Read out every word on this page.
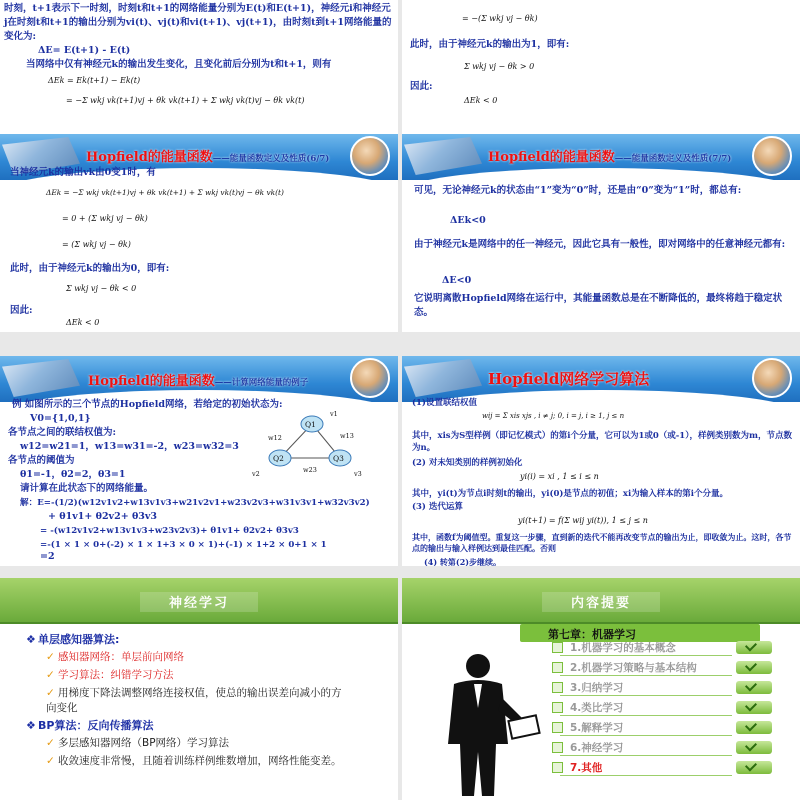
时刻，t+1表示下一时刻，时刻t和t+1的网络能量分别为E(t)和E(t+1)，神经元i和神经元j在时刻t和t+1的输出分别为vi(t)、vj(t)和vi(t+1)、vj(t+1)，由时刻t到t+1网络能量的变化为:
ΔE= E(t+1) - E(t)
当网络中仅有神经元k的输出发生变化，且变化前后分别为t和t+1，则有
ΔEk = Ek(t+1) − Ek(t)
= −Σ wkj vk(t+1)vj + θk vk(t+1) + Σ wkj vk(t)vj − θk vk(t)
= −(Σ wkj vj − θk)
此时，由于神经元k的输出为1，即有:
Σ wkj vj − θk > 0
因此:
ΔEk < 0
Hopfield的能量函数——能量函数定义及性质(6/7)
当神经元k的输出vk由0变1时，有
ΔEk = −Σ wkj vk(t+1)vj + θk vk(t+1) + Σ wkj vk(t)vj − θk vk(t)
= 0 + (Σ wkj vj − θk)
= (Σ wkj vj − θk)
此时，由于神经元k的输出为0，即有:
Σ wkj vj − θk < 0
因此:
ΔEk < 0
Hopfield的能量函数——能量函数定义及性质(7/7)
可见，无论神经元k的状态由“1”变为“0”时，还是由“0”变为“1”时，都总有:
ΔEk<0
由于神经元k是网络中的任一神经元，因此它具有一般性，即对网络中的任意神经元都有:
ΔE<0
它说明离散Hopfield网络在运行中，其能量函数总是在不断降低的，最终将趋于稳定状态。
Hopfield的能量函数——计算网络能量的例子
例 如图所示的三个节点的Hopfield网络，若给定的初始状态为:
V0={1,0,1}
各节点之间的联结权值为:
w12=w21=1，w13=w31=-2，w23=w32=3
各节点的阈值为
θ1=-1，θ2=2，θ3=1
请计算在此状态下的网络能量。
解：E=-(1/2)(w12v1v2+w13v1v3+w21v2v1+w23v2v3+w31v3v1+w32v3v2)
+ θ1v1+ θ2v2+ θ3v3
= -(w12v1v2+w13v1v3+w23v2v3)+ θ1v1+ θ2v2+ θ3v3
=-(1 × 1 × 0+(-2) × 1 × 1+3 × 0 × 1)+(-1) × 1+2 × 0+1 × 1
=2
Q1
Q2	Q3
v1
v2	v3
w12	w13
w23
Hopfield网络学习算法
(1)设置联结权值
wij = Σ xis xjs , i ≠ j; 0, i = j, i ≥ 1, j ≤ n
其中，xis为S型样例（即记忆模式）的第i个分量，它可以为1或0（或-1），样例类别数为m，节点数为n。
(2) 对未知类别的样例初始化
yi(i) = xi , 1 ≤ i ≤ n
其中，yi(t)为节点i时刻t的输出，yi(0)是节点的初值；xi为输入样本的第i个分量。
(3) 迭代运算
yi(t+1) = f(Σ wij yi(t)), 1 ≤ j ≤ n
其中，函数f为阈值型。重复这一步骤，直到新的迭代不能再改变节点的输出为止，即收敛为止。这时，各节点的输出与输入样例达到最佳匹配。否则
(4) 转第(2)步继续。
神经学习
❖ 单层感知器算法:
✓ 感知器网络：单层前向网络
✓ 学习算法：纠错学习方法
✓ 用梯度下降法调整网络连接权值，使总的输出误差向减小的方向变化
❖ BP算法：反向传播算法
✓ 多层感知器网络（BP网络）学习算法
✓ 收敛速度非常慢，且随着训练样例维数增加，网络性能变差。
内容提要
第七章：机器学习
1.机器学习的基本概念
2.机器学习策略与基本结构
3.归纳学习
4.类比学习
5.解释学习
6.神经学习
7.其他
